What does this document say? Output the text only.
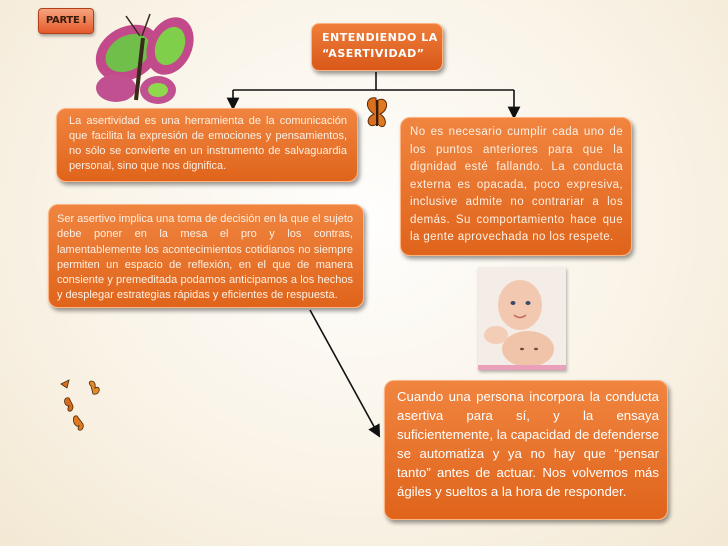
PARTE I
ENTENDIENDO LA
“ASERTIVIDAD”
La asertividad es una herramienta de la comunicación que facilita la expresión de emociones y pensamientos, no sólo se convierte en un instrumento de salvaguardia personal, sino que nos dignifica.
Ser asertivo implica una toma de decisión en la que el sujeto debe poner en la mesa el pro y los contras, lamentablemente los acontecimientos cotidianos no siempre permiten un espacio de reflexión, en el que de manera consiente y premeditada podamos anticipamos a los hechos y desplegar estrategias rápidas y eficientes de respuesta.
No es necesario cumplir cada uno de los puntos anteriores para que la dignidad esté fallando. La conducta externa es opacada, poco expresiva, inclusive admite no contrariar a los demás. Su comportamiento hace que la gente aprovechada no los respete.
Cuando una persona incorpora la conducta asertiva para sí, y la ensaya suficientemente, la capacidad de defenderse se automatiza y ya no hay que “pensar tanto” antes de actuar. Nos volvemos más ágiles y sueltos a la hora de responder.
